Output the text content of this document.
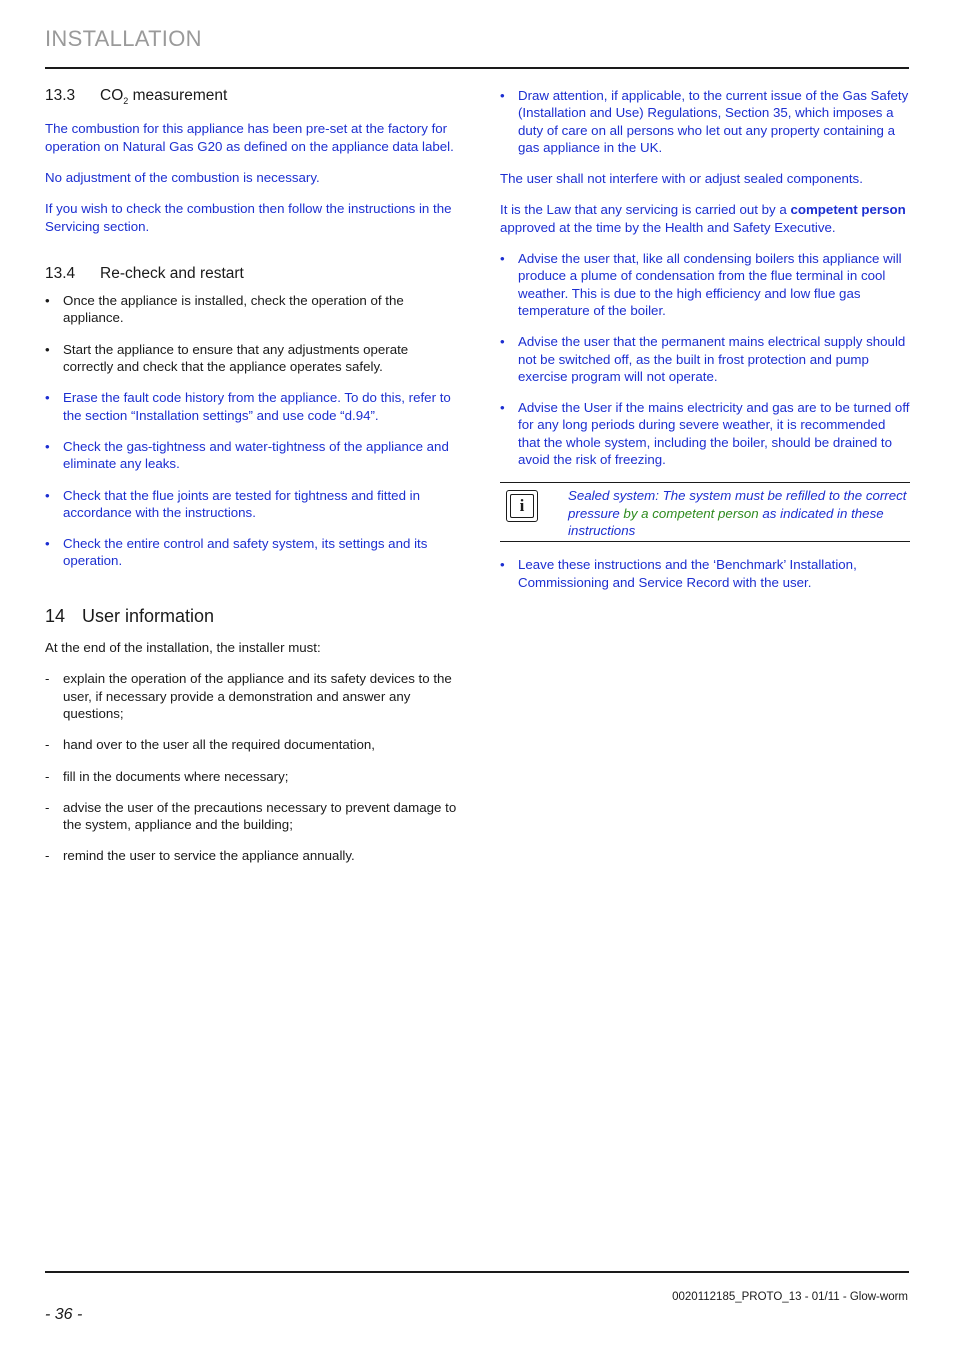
INSTALLATION
13.3 $CO_2$ measurement

The combustion for this appliance has been pre-set at the factory for operation on Natural Gas G20 as defined on the appliance data label.

No adjustment of the combustion is necessary.

If you wish to check the combustion then follow the instructions in the Servicing section.

13.4 Re-check and restart
• Once the appliance is installed, check the operation of the appliance.
• Start the appliance to ensure that any adjustments operate correctly and check that the appliance operates safely.
• Erase the fault code history from the appliance. To do this, refer to the section “Installation settings” and use code “d.94”.
• Check the gas-tightness and water-tightness of the appliance and eliminate any leaks.
• Check that the flue joints are tested for tightness and fitted in accordance with the instructions.
• Check the entire control and safety system, its settings and its operation.
14 User information

At the end of the installation, the installer must:

- explain the operation of the appliance and its safety devices to the user, if necessary provide a demonstration and answer any questions;
- hand over to the user all the required documentation,
- fill in the documents where necessary;
- advise the user of the precautions necessary to prevent damage to the system, appliance and the building;
- remind the user to service the appliance annually.
• Draw attention, if applicable, to the current issue of the Gas Safety (Installation and Use) Regulations, Section 35, which imposes a duty of care on all persons who let out any property containing a gas appliance in the UK.

The user shall not interfere with or adjust sealed components.

It is the Law that any servicing is carried out by a competent person approved at the time by the Health and Safety Executive.

• Advise the user that, like all condensing boilers this appliance will produce a plume of condensation from the flue terminal in cool weather. This is due to the high efficiency and low flue gas temperature of the boiler.
• Advise the user that the permanent mains electrical supply should not be switched off, as the built in frost protection and pump exercise program will not operate.
• Advise the User if the mains electricity and gas are to be turned off for any long periods during severe weather, it is recommended that the whole system, including the boiler, should be drained to avoid the risk of freezing.
i
Sealed system: The system must be refilled to the correct pressure by a competent person as indicated in these instructions
• Leave these instructions and the ‘Benchmark’ Installation, Commissioning and Service Record with the user.
0020112185_PROTO_13 - 01/11 - Glow-worm
- 36 -
